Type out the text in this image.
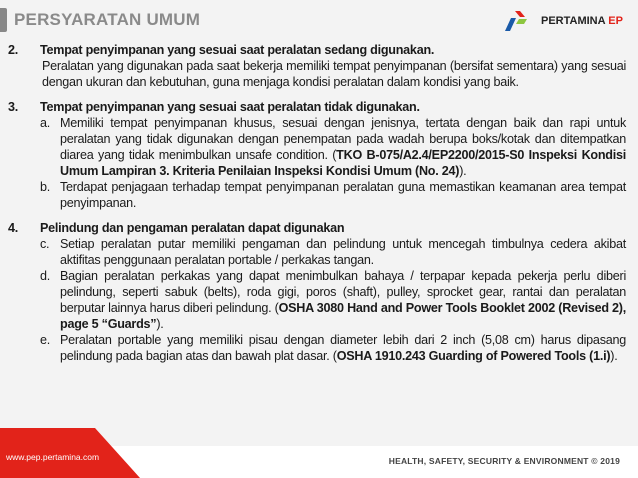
PERSYARATAN UMUM	PERTAMINA EP
2. Tempat penyimpanan yang sesuai saat peralatan sedang digunakan.
Peralatan yang digunakan pada saat bekerja memiliki tempat penyimpanan (bersifat sementara) yang sesuai dengan ukuran dan kebutuhan, guna menjaga kondisi peralatan dalam kondisi yang baik.
3. Tempat penyimpanan yang sesuai saat peralatan tidak digunakan.
a. Memiliki tempat penyimpanan khusus, sesuai dengan jenisnya, tertata dengan baik dan rapi untuk peralatan yang tidak digunakan dengan penempatan pada wadah berupa boks/kotak dan ditempatkan diarea yang tidak menimbulkan unsafe condition. (TKO B-075/A2.4/EP2200/2015-S0 Inspeksi Kondisi Umum Lampiran 3. Kriteria Penilaian Inspeksi Kondisi Umum (No. 24)).
b. Terdapat penjagaan terhadap tempat penyimpanan peralatan guna memastikan keamanan area tempat penyimpanan.
4. Pelindung dan pengaman peralatan dapat digunakan
c. Setiap peralatan putar memiliki pengaman dan pelindung untuk mencegah timbulnya cedera akibat aktifitas penggunaan peralatan portable / perkakas tangan.
d. Bagian peralatan perkakas yang dapat menimbulkan bahaya / terpapar kepada pekerja perlu diberi pelindung, seperti sabuk (belts), roda gigi, poros (shaft), pulley, sprocket gear, rantai dan peralatan berputar lainnya harus diberi pelindung. (OSHA 3080 Hand and Power Tools Booklet 2002 (Revised 2), page 5 “Guards”).
e. Peralatan portable yang memiliki pisau dengan diameter lebih dari 2 inch (5,08 cm) harus dipasang pelindung pada bagian atas dan bawah plat dasar. (OSHA 1910.243 Guarding of Powered Tools (1.i)).
www.pep.pertamina.com	HEALTH, SAFETY, SECURITY & ENVIRONMENT © 2019
